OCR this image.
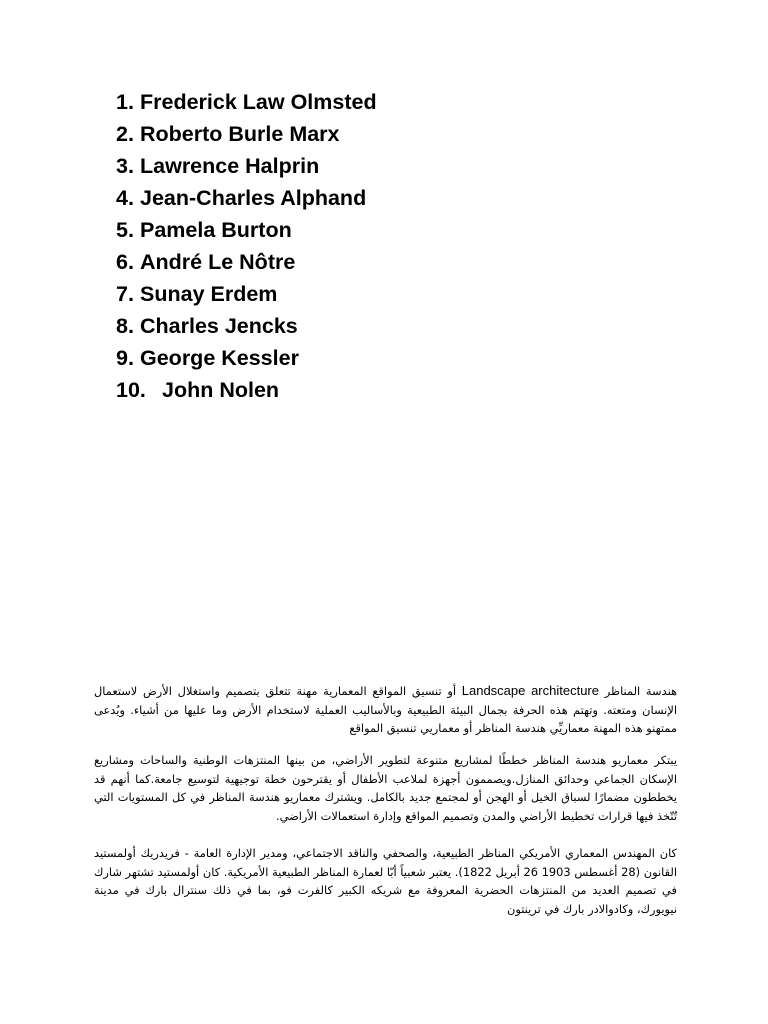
1. Frederick Law Olmsted
2. Roberto Burle Marx
3. Lawrence Halprin
4. Jean-Charles Alphand
5. Pamela Burton
6. André Le Nôtre
7. Sunay Erdem
8. Charles Jencks
9. George Kessler
10. John Nolen

هندسة المناظر Landscape architecture أو تنسيق المواقع المعمارية مهنة تتعلق بتصميم واستغلال الأرض لاستعمال الإنسان ومتعته. وتهتم هذه الحرفة بجمال البيئة الطبيعية وبالأساليب العملية لاستخدام الأرض وما عليها من أشياء. ويُدعى ممتهنو هذه المهنة معماريِّي هندسة المناظر أو معماريي تنسيق المواقع

يبتكر معماريو هندسة المناظر خططًا لمشاريع متنوعة لتطوير الأراضي، من بينها المنتزهات الوطنية والساحات ومشاريع الإسكان الجماعي وحدائق المنازل.ويصممون أجهزة لملاعب الأطفال أو يقترحون خطة توجيهية لتوسيع جامعة.كما أنهم قد يخططون مضمارًا لسباق الخيل أو الهجن أو لمجتمع جديد بالكامل. ويشترك معماريو هندسة المناظر في كل المستويات التي تُتّخذ فيها قرارات تخطيط الأراضي والمدن وتصميم المواقع وإدارة استعمالات الأراضي.

كان المهندس المعماري الأمريكي المناظر الطبيعية، والصحفي والناقد الاجتماعي، ومدير الإدارة العامة - فريدريك أولمستيد القانون (28 أغسطس 1903 26 أبريل 1822). يعتبر شعبياً أبّا لعمارة المناظر الطبيعية الأمريكية. كان أولمستيد تشتهر شارك في تصميم العديد من المنتزهات الحضرية المعروفة مع شريكه الكبير كالفرت فو، بما في ذلك سنترال بارك في مدينة نيويورك، وكادوالادر بارك في ترينتون
